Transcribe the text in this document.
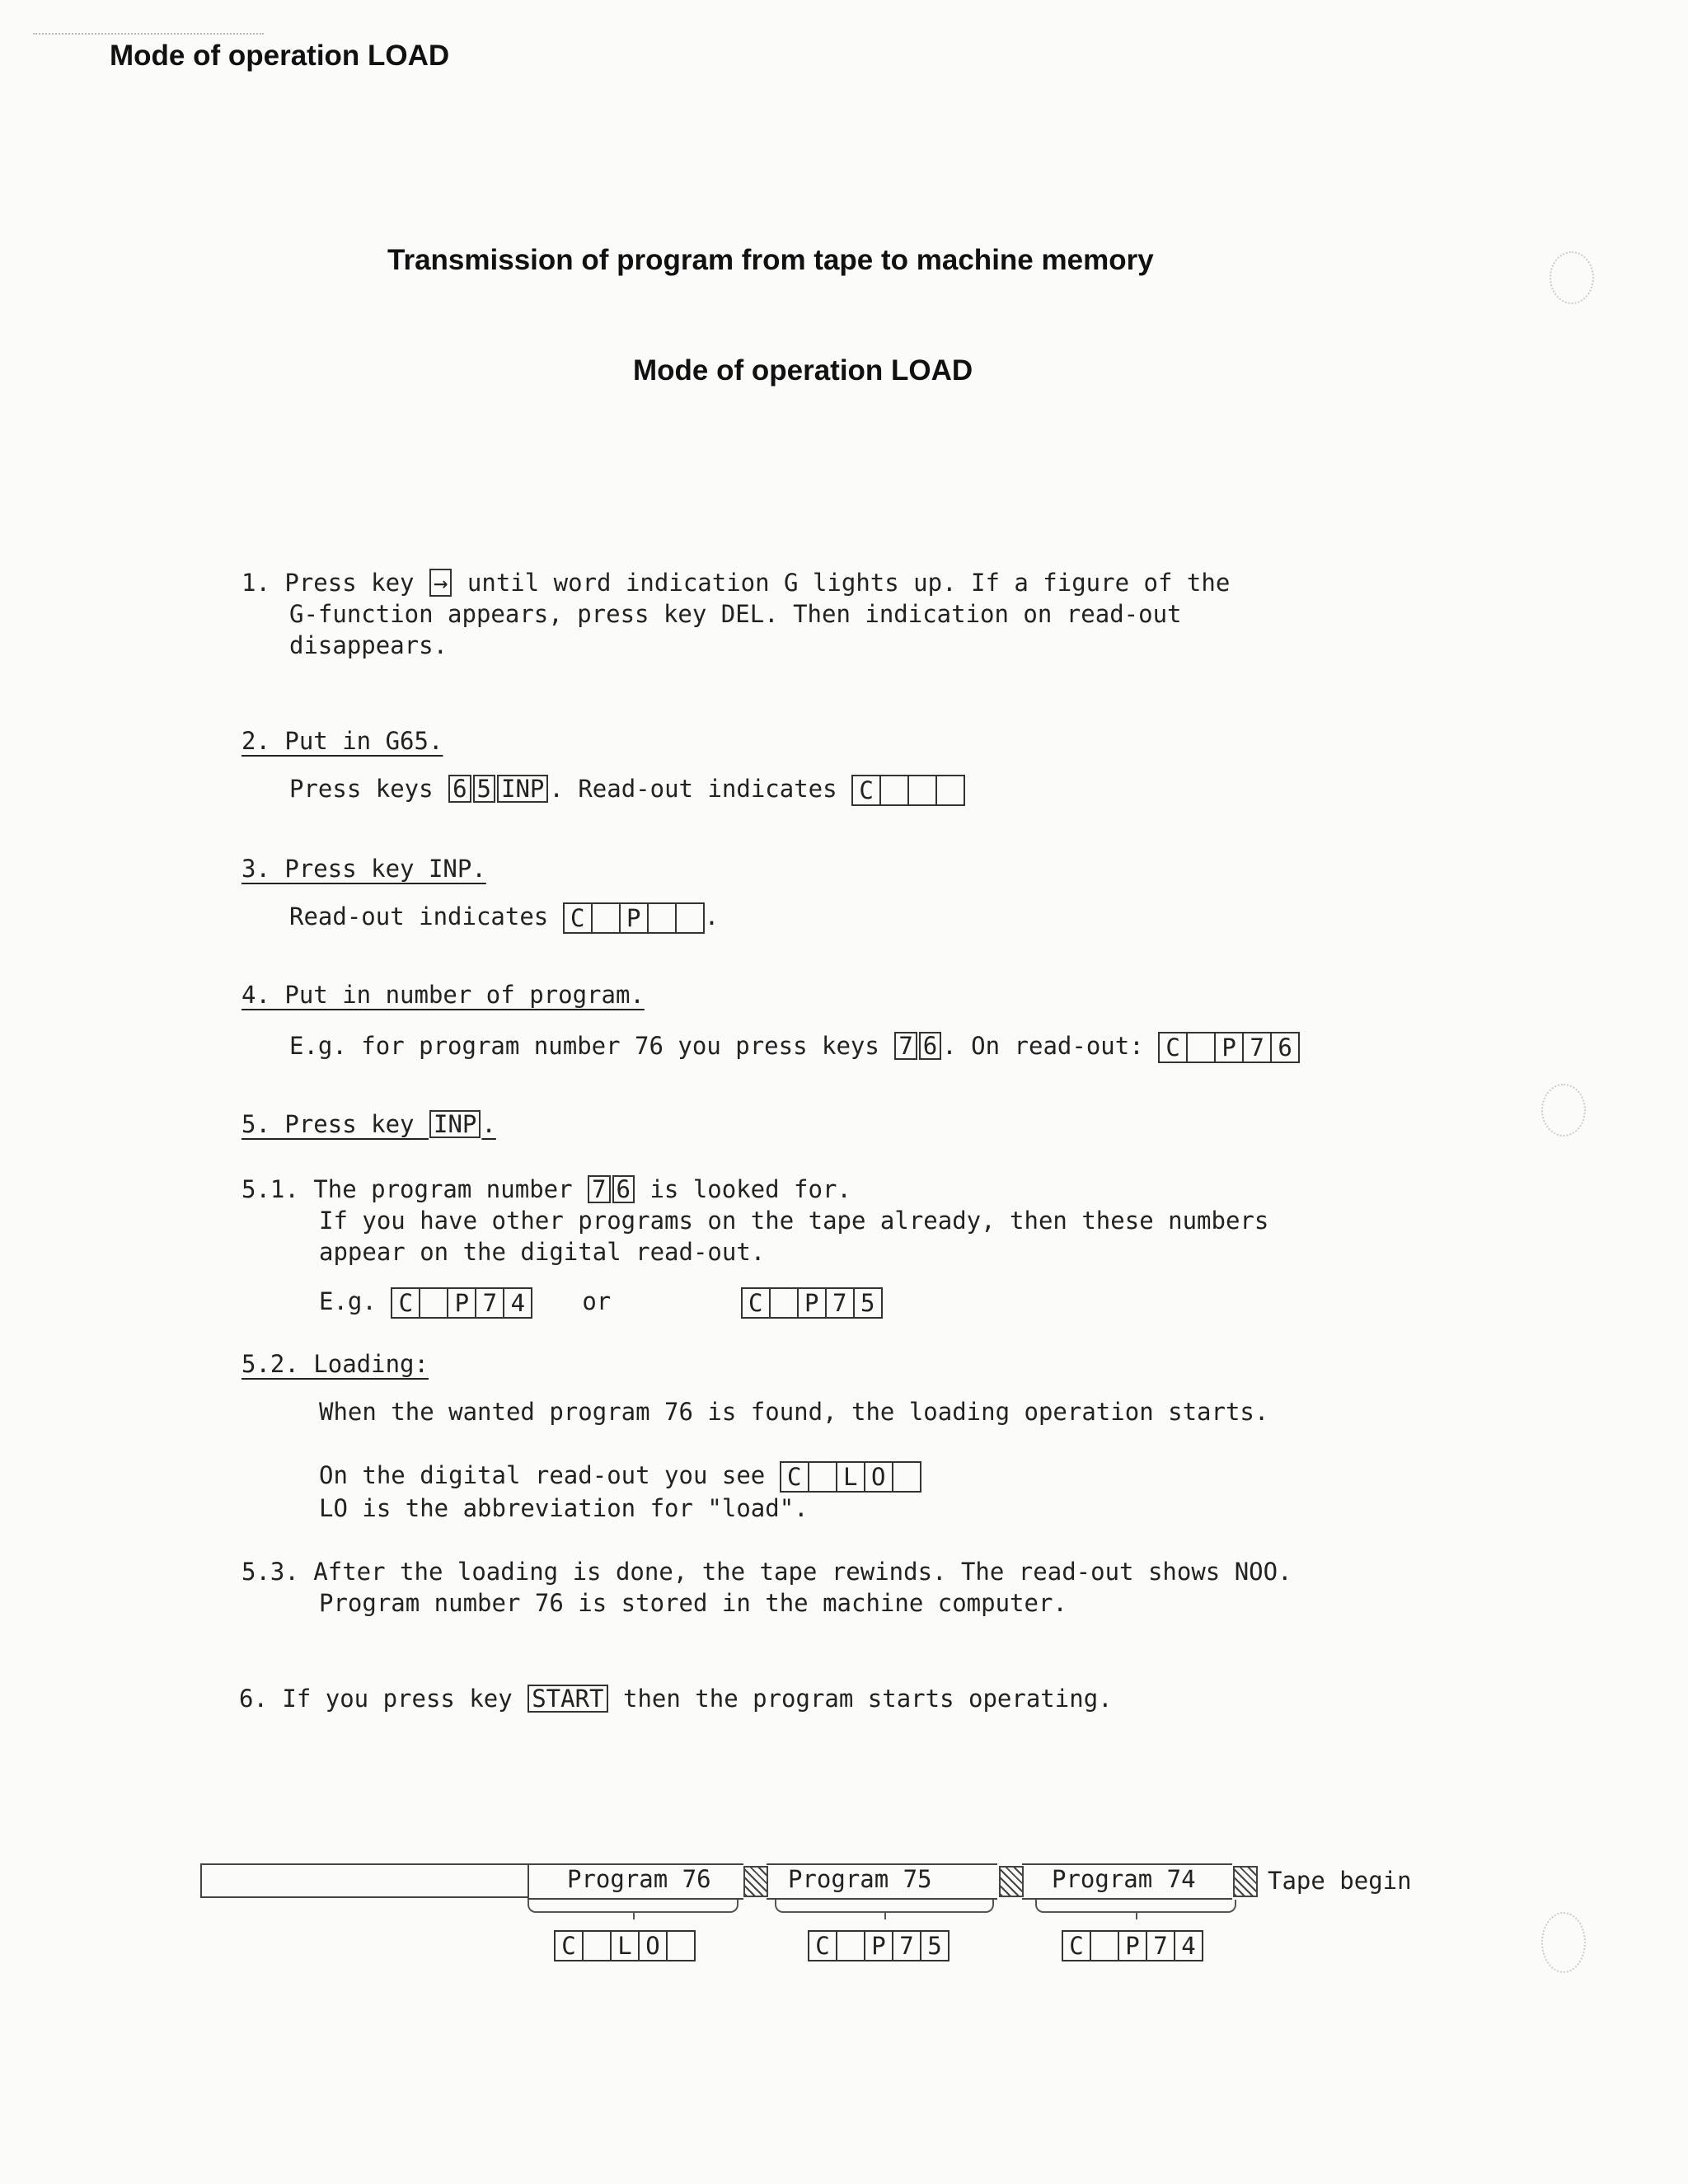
Mode of operation LOAD
Transmission of program from tape to machine memory
Mode of operation LOAD
1. Press key → until word indication G lights up. If a figure of the
G-function appears, press key DEL. Then indication on read-out
disappears.
2. Put in G65.
Press keys 6 5 INP . Read-out indicates C
3. Press key INP.
Read-out indicates C	P	.
4. Put in number of program.
E.g. for program number 76 you press keys 7 6 . On read-out: C	P 7 6
5. Press key INP .
5.1. The program number 7 6 is looked for.
If you have other programs on the tape already, then these numbers
appear on the digital read-out.
E.g. C	P 7 4 or	C	P 7 5
5.2. Loading:
When the wanted program 76 is found, the loading operation starts.
On the digital read-out you see C	L O
LO is the abbreviation for "load".
5.3. After the loading is done, the tape rewinds. The read-out shows NOO.
Program number 76 is stored in the machine computer.
6. If you press key START then the program starts operating.
Program 76	Program 75	Program 74	Tape begin
C	L O	C	P 7 5	C	P 7 4
